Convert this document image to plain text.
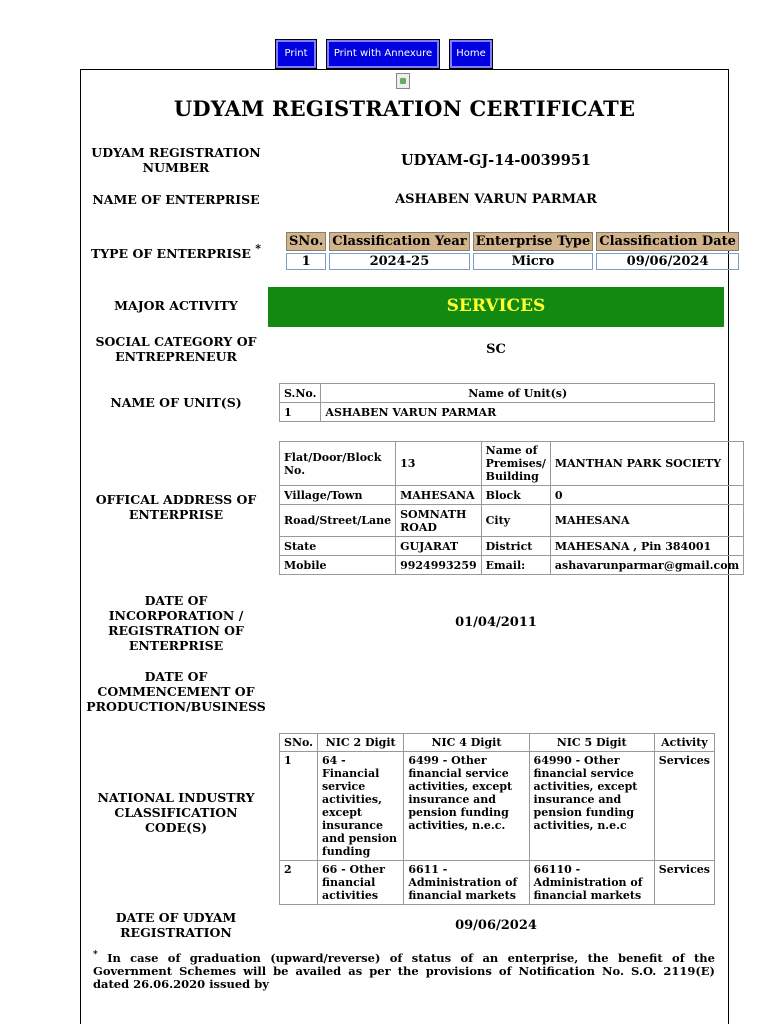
Print	Print with Annexure	Home
UDYAM REGISTRATION CERTIFICATE
UDYAM REGISTRATION NUMBER	UDYAM-GJ-14-0039951
NAME OF ENTERPRISE	ASHABEN VARUN PARMAR
TYPE OF ENTERPRISE *	SNo.	Classification Year	Enterprise Type	Classification Date
1	2024-25	Micro	09/06/2024
MAJOR ACTIVITY	SERVICES
SOCIAL CATEGORY OF ENTREPRENEUR	SC
NAME OF UNIT(S)
S.No.	Name of Unit(s)
1	ASHABEN VARUN PARMAR
OFFICAL ADDRESS OF ENTERPRISE
Flat/Door/Block No.	13	Name of Premises/ Building	MANTHAN PARK SOCIETY
Village/Town	MAHESANA	Block	0
Road/Street/Lane	SOMNATH ROAD	City	MAHESANA
State	GUJARAT	District	MAHESANA , Pin 384001
Mobile	9924993259	Email:	ashavarunparmar@gmail.com
DATE OF INCORPORATION / REGISTRATION OF ENTERPRISE
01/04/2011
DATE OF COMMENCEMENT OF PRODUCTION/BUSINESS
NATIONAL INDUSTRY CLASSIFICATION CODE(S)
SNo.	NIC 2 Digit	NIC 4 Digit	NIC 5 Digit	Activity
1	64 - Financial service activities, except insurance and pension funding	6499 - Other financial service activities, except insurance and pension funding activities, n.e.c.	64990 - Other financial service activities, except insurance and pension funding activities, n.e.c	Services
2	66 - Other financial activities	6611 - Administration of financial markets	66110 - Administration of financial markets	Services
DATE OF UDYAM REGISTRATION	09/06/2024
* In case of graduation (upward/reverse) of status of an enterprise, the benefit of the Government Schemes will be availed as per the provisions of Notification No. S.O. 2119(E) dated 26.06.2020 issued by
